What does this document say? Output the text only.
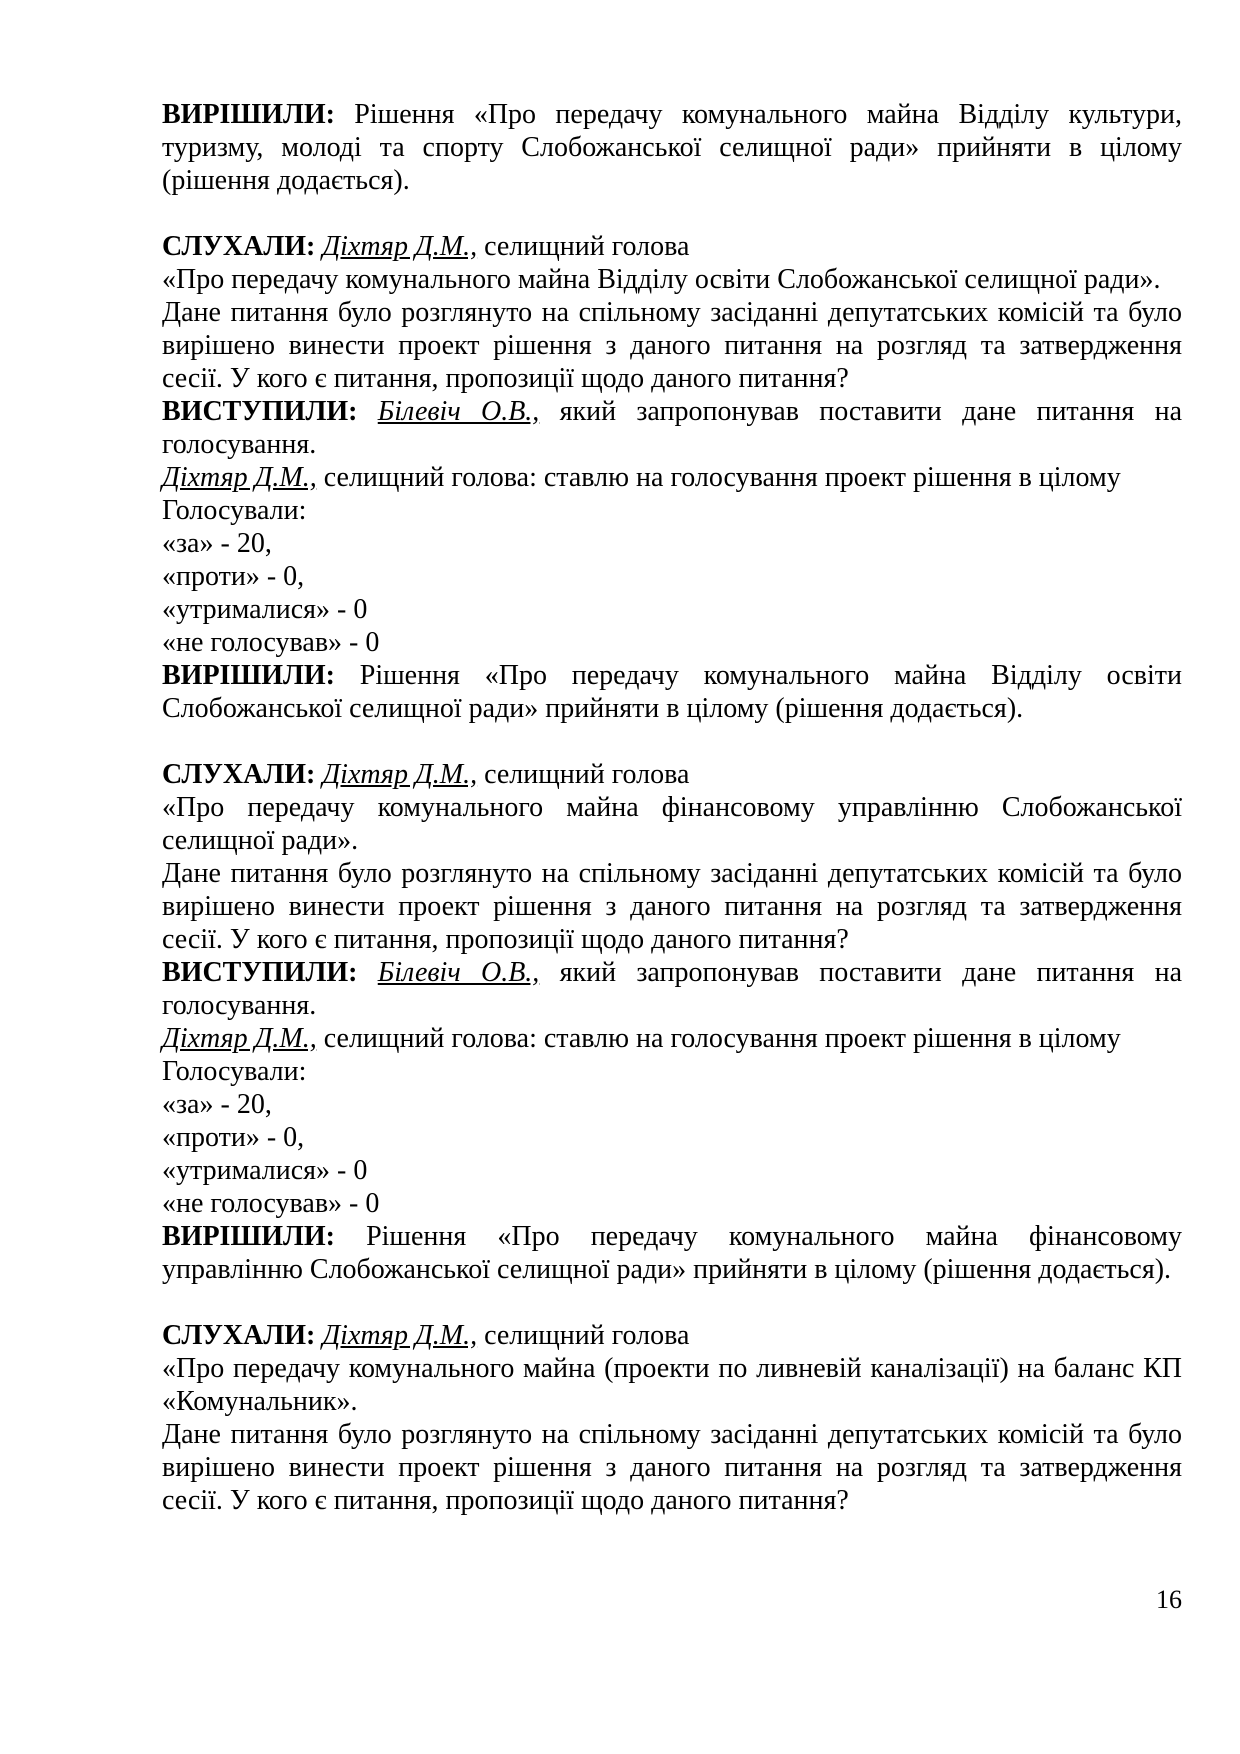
ВИРІШИЛИ: Рішення «Про передачу комунального майна Відділу культури, туризму, молоді та спорту Слобожанської селищної ради» прийняти в цілому (рішення додається).

СЛУХАЛИ: Діхтяр Д.М., селищний голова

«Про передачу комунального майна Відділу освіти Слобожанської селищної ради».

Дане питання було розглянуто на спільному засіданні депутатських комісій та було вирішено винести проект рішення з даного питання на розгляд та затвердження сесії. У кого є питання, пропозиції щодо даного питання?

ВИСТУПИЛИ: Білевіч О.В., який запропонував поставити дане питання на голосування.

Діхтяр Д.М., селищний голова: ставлю на голосування проект рішення в цілому

Голосували:

«за» - 20,

«проти» - 0,

«утрималися» - 0

«не голосував» - 0

ВИРІШИЛИ: Рішення «Про передачу комунального майна Відділу освіти Слобожанської селищної ради» прийняти в цілому (рішення додається).

СЛУХАЛИ: Діхтяр Д.М., селищний голова

«Про передачу комунального майна фінансовому управлінню Слобожанської селищної ради».

Дане питання було розглянуто на спільному засіданні депутатських комісій та було вирішено винести проект рішення з даного питання на розгляд та затвердження сесії. У кого є питання, пропозиції щодо даного питання?

ВИСТУПИЛИ: Білевіч О.В., який запропонував поставити дане питання на голосування.

Діхтяр Д.М., селищний голова: ставлю на голосування проект рішення в цілому

Голосували:

«за» - 20,

«проти» - 0,

«утрималися» - 0

«не голосував» - 0

ВИРІШИЛИ: Рішення «Про передачу комунального майна фінансовому управлінню Слобожанської селищної ради» прийняти в цілому (рішення додається).

СЛУХАЛИ: Діхтяр Д.М., селищний голова

«Про передачу комунального майна (проекти по ливневій каналізації) на баланс КП «Комунальник».

Дане питання було розглянуто на спільному засіданні депутатських комісій та було вирішено винести проект рішення з даного питання на розгляд та затвердження сесії. У кого є питання, пропозиції щодо даного питання?

16
